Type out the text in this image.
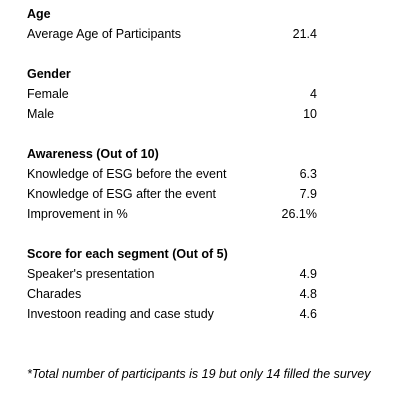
Age
Average Age of Participants	21.4
Gender
Female	4
Male	10
Awareness (Out of 10)
Knowledge of ESG before the event	6.3
Knowledge of ESG after the event	7.9
Improvement in %	26.1%
Score for each segment (Out of 5)
Speaker's presentation	4.9
Charades	4.8
Investoon reading and case study	4.6
*Total number of participants is 19 but only 14 filled the survey
